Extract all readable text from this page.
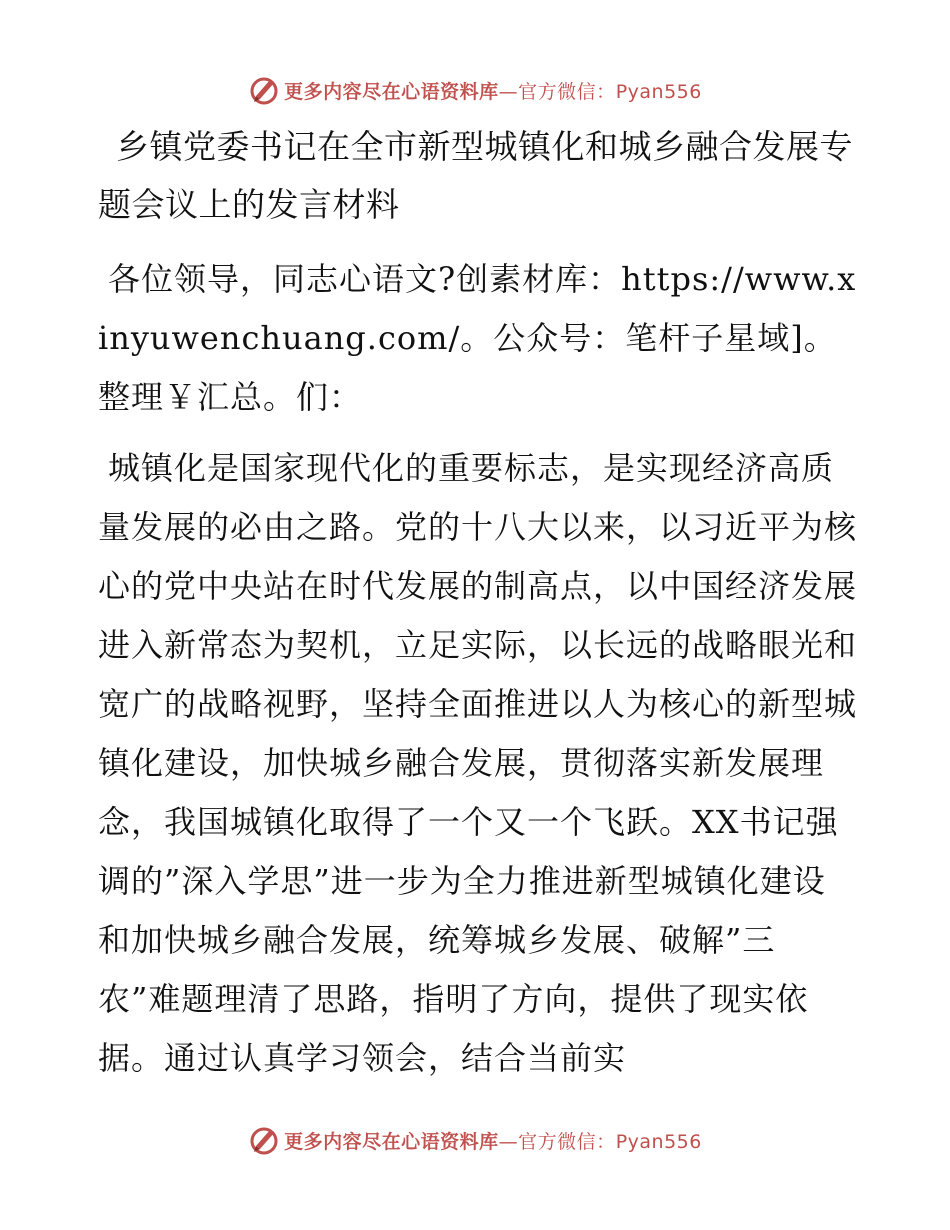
更多内容尽在心语资料库—官方微信：Pyan556
乡镇党委书记在全市新型城镇化和城乡融合发展专题会议上的发言材料

各位领导，同志心语文?创素材库：https://www.xinyuwenchuang.com/。公众号：笔杆子星域]。整理￥汇总。们：

城镇化是国家现代化的重要标志，是实现经济高质量发展的必由之路。党的十八大以来，以习近平为核心的党中央站在时代发展的制高点，以中国经济发展进入新常态为契机，立足实际，以长远的战略眼光和宽广的战略视野，坚持全面推进以人为核心的新型城镇化建设，加快城乡融合发展，贯彻落实新发展理念，我国城镇化取得了一个又一个飞跃。XX书记强调的”深入学思”进一步为全力推进新型城镇化建设和加快城乡融合发展，统筹城乡发展、破解”三农”难题理清了思路，指明了方向，提供了现实依据。通过认真学习领会，结合当前实

更多内容尽在心语资料库—官方微信：Pyan556
